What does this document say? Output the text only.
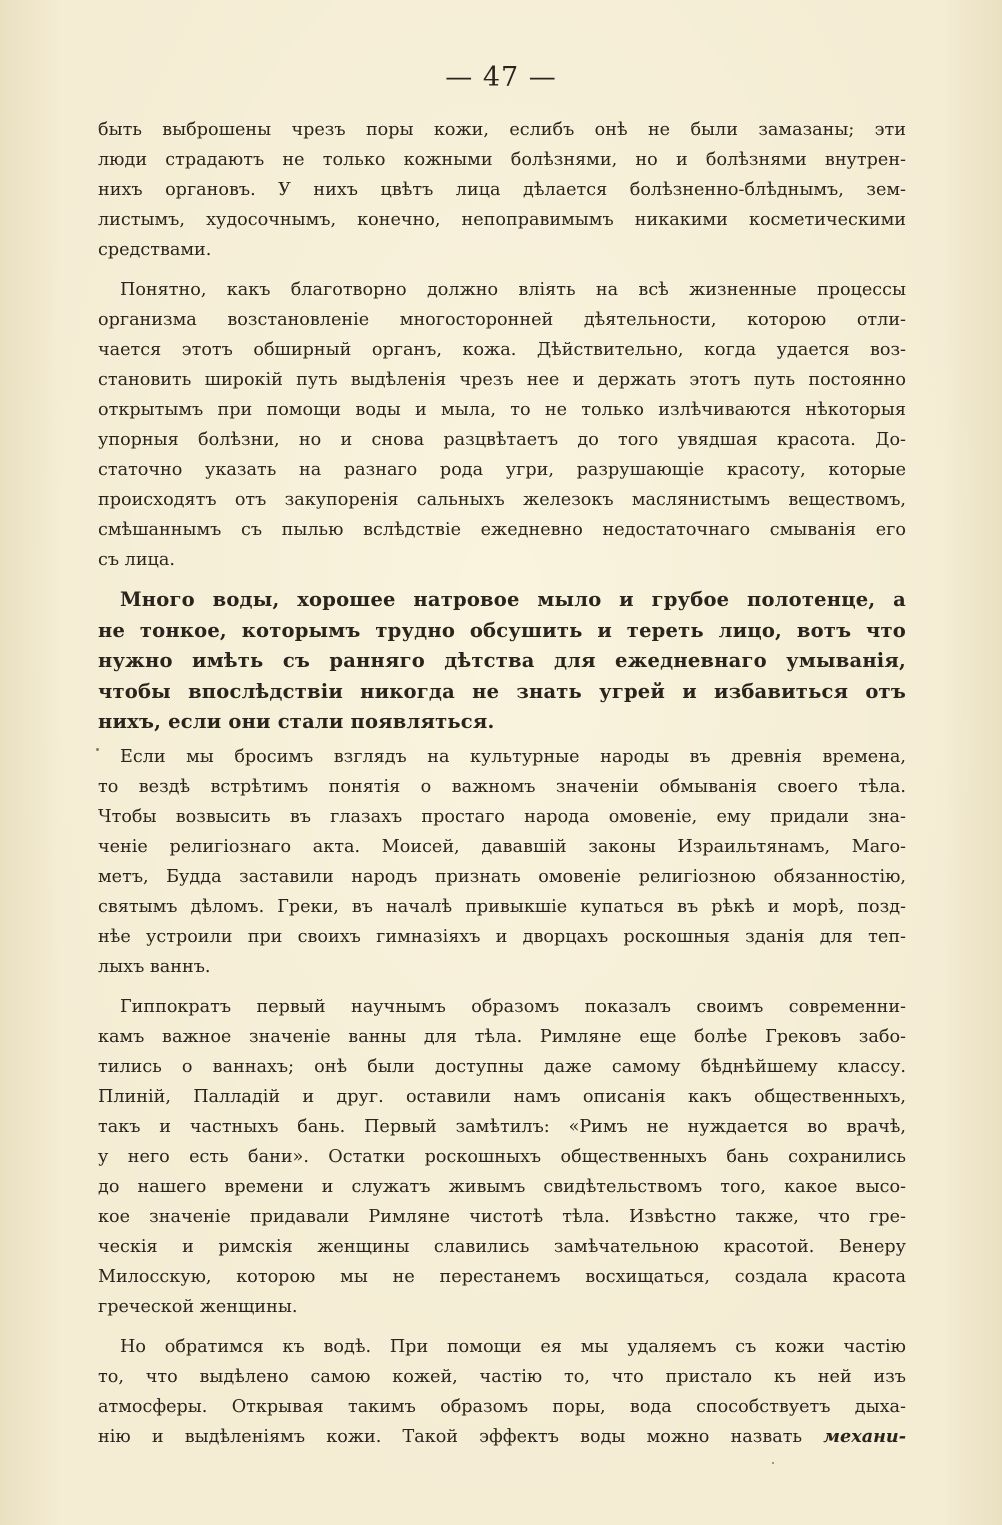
— 47 —
быть выброшены чрезъ поры кожи, еслибъ онѣ не были замазаны; эти
люди страдаютъ не только кожными болѣзнями, но и болѣзнями внутрен-
нихъ органовъ. У нихъ цвѣтъ лица дѣлается болѣзненно-блѣднымъ, зем-
листымъ, худосочнымъ, конечно, непоправимымъ никакими косметическими
средствами.
Понятно, какъ благотворно должно влiять на всѣ жизненные процессы
организма возстановленіе многосторонней дѣятельности, которою отли-
чается этотъ обширный органъ, кожа. Дѣйствительно, когда удается воз-
становить широкій путь выдѣленія чрезъ нее и держать этотъ путь постоянно
открытымъ при помощи воды и мыла, то не только излѣчиваются нѣкоторыя
упорныя болѣзни, но и снова разцвѣтаетъ до того увядшая красота. До-
статочно указать на разнаго рода угри, разрушающіе красоту, которые
происходятъ отъ закупоренія сальныхъ железокъ маслянистымъ веществомъ,
смѣшаннымъ съ пылью вслѣдствіе ежедневно недостаточнаго смыванія его
съ лица.
Много воды, хорошее натровое мыло и грубое полотенце, а
не тонкое, которымъ трудно обсушить и тереть лицо, вотъ что
нужно имѣть съ ранняго дѣтства для ежедневнаго умыванія,
чтобы впослѣдствіи никогда не знать угрей и избавиться отъ
нихъ, если они стали появляться.
Если мы бросимъ взглядъ на культурные народы въ древнія времена,
то вездѣ встрѣтимъ понятія о важномъ значеніи обмыванія своего тѣла.
Чтобы возвысить въ глазахъ простаго народа омовеніе, ему придали зна-
ченіе религіознаго акта. Моисей, дававшій законы Израильтянамъ, Маго-
метъ, Будда заставили народъ признать омовеніе религіозною обязанностію,
святымъ дѣломъ. Греки, въ началѣ привыкшіе купаться въ рѣкѣ и морѣ, позд-
нѣе устроили при своихъ гимназіяхъ и дворцахъ роскошныя зданія для теп-
лыхъ ваннъ.
Гиппократъ первый научнымъ образомъ показалъ своимъ современни-
камъ важное значеніе ванны для тѣла. Римляне еще болѣе Грековъ забо-
тились о ваннахъ; онѣ были доступны даже самому бѣднѣйшему классу.
Плиній, Палладій и друг. оставили намъ описанія какъ общественныхъ,
такъ и частныхъ бань. Первый замѣтилъ: «Римъ не нуждается во врачѣ,
у него есть бани». Остатки роскошныхъ общественныхъ бань сохранились
до нашего времени и служатъ живымъ свидѣтельствомъ того, какое высо-
кое значеніе придавали Римляне чистотѣ тѣла. Извѣстно также, что гре-
ческія и римскія женщины славились замѣчательною красотой. Венеру
Милосскую, которою мы не перестанемъ восхищаться, создала красота
греческой женщины.
Но обратимся къ водѣ. При помощи ея мы удаляемъ съ кожи частію
то, что выдѣлено самою кожей, частію то, что пристало къ ней изъ
атмосферы. Открывая такимъ образомъ поры, вода способствуетъ дыха-
нію и выдѣленіямъ кожи. Такой эффектъ воды можно назвать механи-
